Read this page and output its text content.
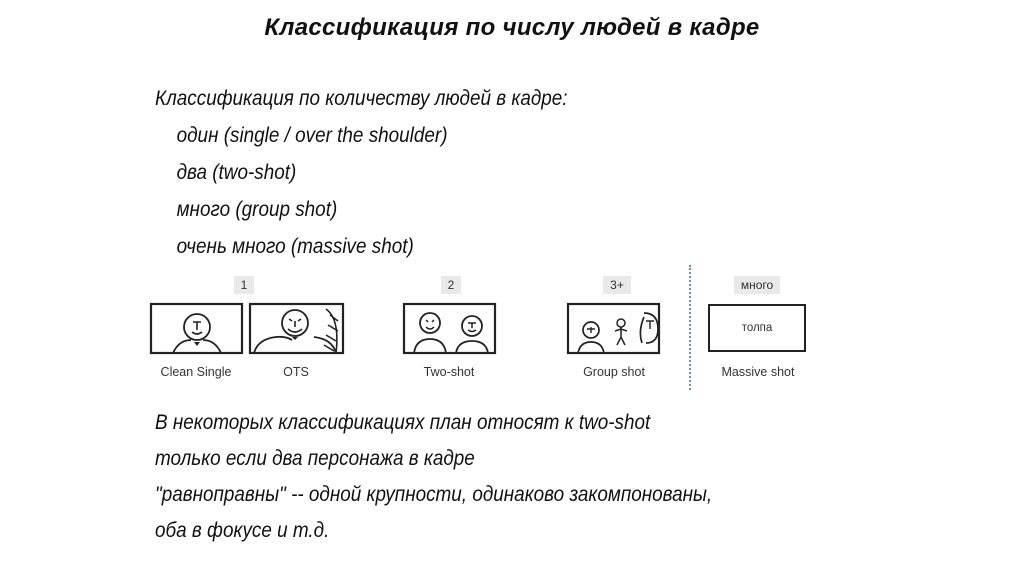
Классификация по числу людей в кадре
Классификация по количеству людей в кадре:
один (single / over the shoulder)
два (two-shot)
много (group shot)
очень много (massive shot)
1	2	3+	много
толпа
Clean Single	OTS	Two-shot	Group shot	Massive shot
В некоторых классификациях план относят к two-shot
только если два персонажа в кадре
"равноправны" -- одной крупности, одинаково закомпонованы,
оба в фокусе и т.д.
